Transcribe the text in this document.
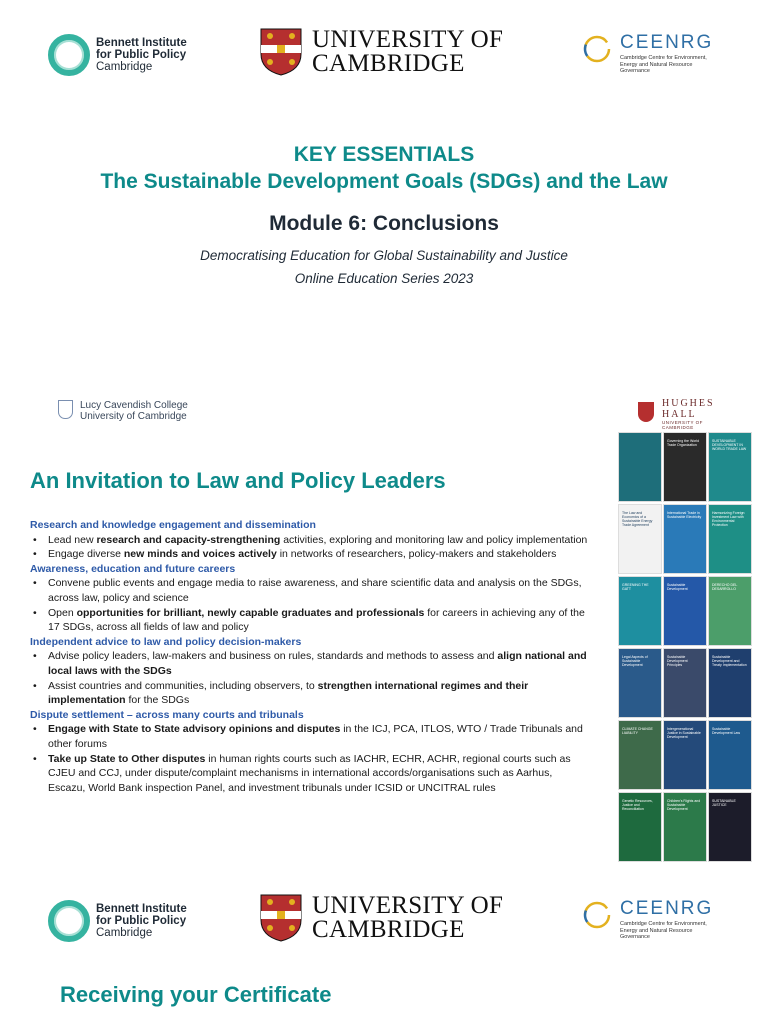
Bennett Institute
for Public Policy
Cambridge
UNIVERSITY OF
CAMBRIDGE
CEENRG
Cambridge Centre for Environment,
Energy and Natural Resource Governance
KEY ESSENTIALS
The Sustainable Development Goals (SDGs) and the Law
Module 6: Conclusions
Democratising Education for Global Sustainability and Justice
Online Education Series 2023
Lucy Cavendish College
University of Cambridge
HUGHES
HALL
UNIVERSITY OF CAMBRIDGE
An Invitation to Law and Policy Leaders
Research and knowledge engagement and dissemination
• Lead new research and capacity-strengthening activities, exploring and monitoring law and policy implementation
• Engage diverse new minds and voices actively in networks of researchers, policy-makers and stakeholders
Awareness, education and future careers
• Convene public events and engage media to raise awareness, and share scientific data and analysis on the SDGs, across law, policy and science
• Open opportunities for brilliant, newly capable graduates and professionals for careers in achieving any of the 17 SDGs, across all fields of law and policy
Independent advice to law and policy decision-makers
• Advise policy leaders, law-makers and business on rules, standards and methods to assess and align national and local laws with the SDGs
• Assist countries and communities, including observers, to strengthen international regimes and their implementation for the SDGs
Dispute settlement – across many courts and tribunals
• Engage with State to State advisory opinions and disputes in the ICJ, PCA, ITLOS, WTO / Trade Tribunals and other forums
• Take up State to Other disputes in human rights courts such as IACHR, ECHR, ACHR, regional courts such as CJEU and CCJ, under dispute/complaint mechanisms in international accords/organisations such as Aarhus, Escazu, World Bank inspection Panel, and investment tribunals under ICSID or UNCITRAL rules
Governing the World Trade Organization
SUSTAINABLE DEVELOPMENT IN WORLD TRADE LAW
The Law and Economics of a Sustainable Energy Trade Agreement
International Trade in Sustainable Electricity
Harmonizing Foreign Investment Law with Environmental Protection
GREENING THE GATT
Sustainable Development
DERECHO DEL DESARROLLO
Legal Aspects of Sustainable Development
Sustainable Development Principles
Sustainable Development and Treaty Implementation
CLIMATE CHANGE LIABILITY
Intergenerational Justice in Sustainable Development
Sustainable Development Law
Genetic Resources, Justice and Reconciliation
Children's Rights and Sustainable Development
SUSTAINABLE JUSTICE
Bennett Institute
for Public Policy
Cambridge
UNIVERSITY OF
CAMBRIDGE
CEENRG
Cambridge Centre for Environment,
Energy and Natural Resource Governance
Receiving your Certificate
